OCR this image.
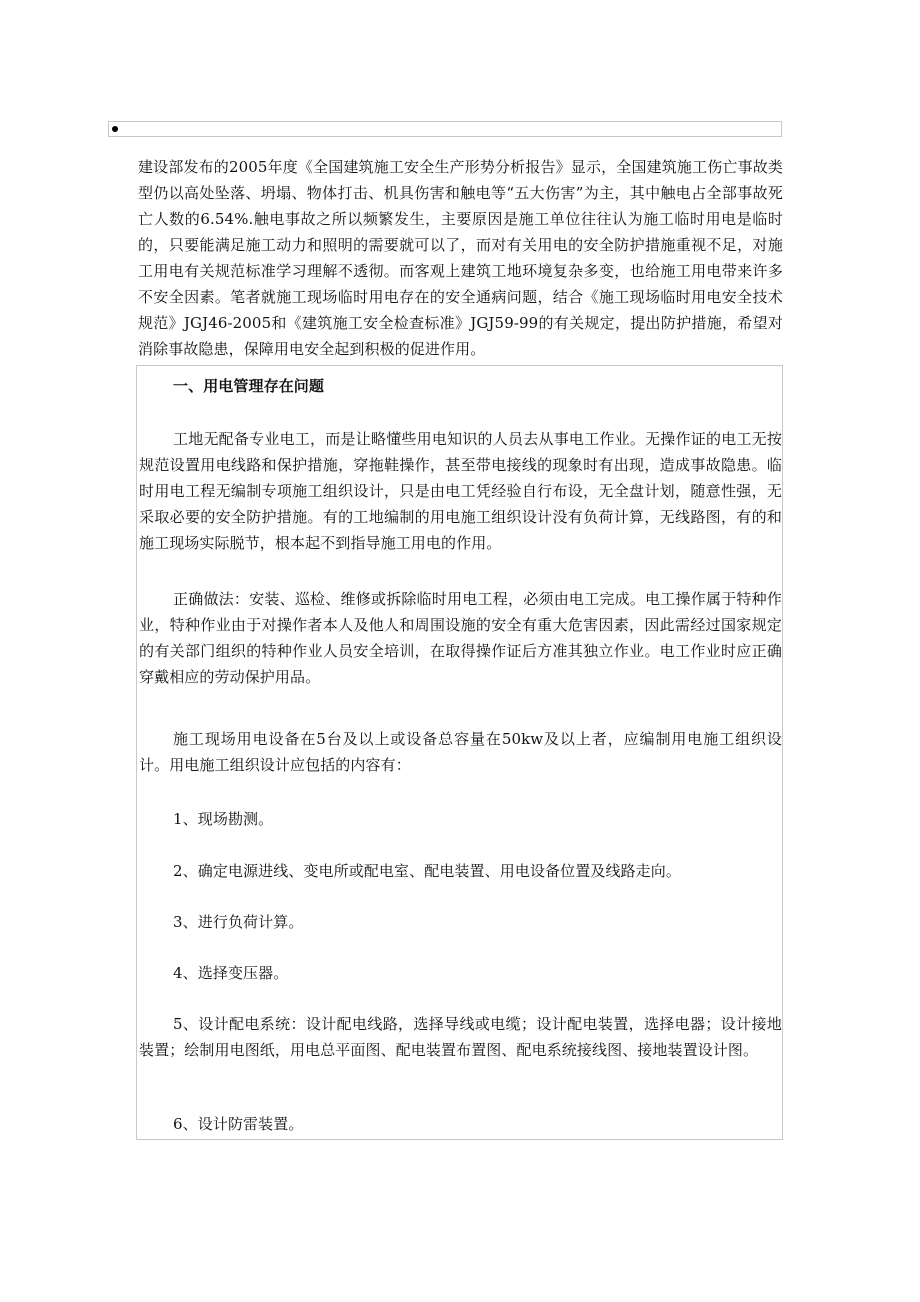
建设部发布的2005年度《全国建筑施工安全生产形势分析报告》显示，全国建筑施工伤亡事故类型仍以高处坠落、坍塌、物体打击、机具伤害和触电等“五大伤害”为主，其中触电占全部事故死亡人数的6.54%.触电事故之所以频繁发生，主要原因是施工单位往往认为施工临时用电是临时的，只要能满足施工动力和照明的需要就可以了，而对有关用电的安全防护措施重视不足，对施工用电有关规范标准学习理解不透彻。而客观上建筑工地环境复杂多变，也给施工用电带来许多不安全因素。笔者就施工现场临时用电存在的安全通病问题，结合《施工现场临时用电安全技术规范》JGJ46-2005和《建筑施工安全检查标准》JGJ59-99的有关规定，提出防护措施，希望对消除事故隐患，保障用电安全起到积极的促进作用。

一、用电管理存在问题

工地无配备专业电工，而是让略懂些用电知识的人员去从事电工作业。无操作证的电工无按规范设置用电线路和保护措施，穿拖鞋操作，甚至带电接线的现象时有出现，造成事故隐患。临时用电工程无编制专项施工组织设计，只是由电工凭经验自行布设，无全盘计划，随意性强，无采取必要的安全防护措施。有的工地编制的用电施工组织设计没有负荷计算，无线路图，有的和施工现场实际脱节，根本起不到指导施工用电的作用。

正确做法：安装、巡检、维修或拆除临时用电工程，必须由电工完成。电工操作属于特种作业，特种作业由于对操作者本人及他人和周围设施的安全有重大危害因素，因此需经过国家规定的有关部门组织的特种作业人员安全培训，在取得操作证后方准其独立作业。电工作业时应正确穿戴相应的劳动保护用品。

施工现场用电设备在5台及以上或设备总容量在50kw及以上者，应编制用电施工组织设计。用电施工组织设计应包括的内容有：

1、现场勘测。

2、确定电源进线、变电所或配电室、配电装置、用电设备位置及线路走向。

3、进行负荷计算。

4、选择变压器。

5、设计配电系统：设计配电线路，选择导线或电缆；设计配电装置，选择电器；设计接地装置；绘制用电图纸，用电总平面图、配电装置布置图、配电系统接线图、接地装置设计图。

6、设计防雷装置。
